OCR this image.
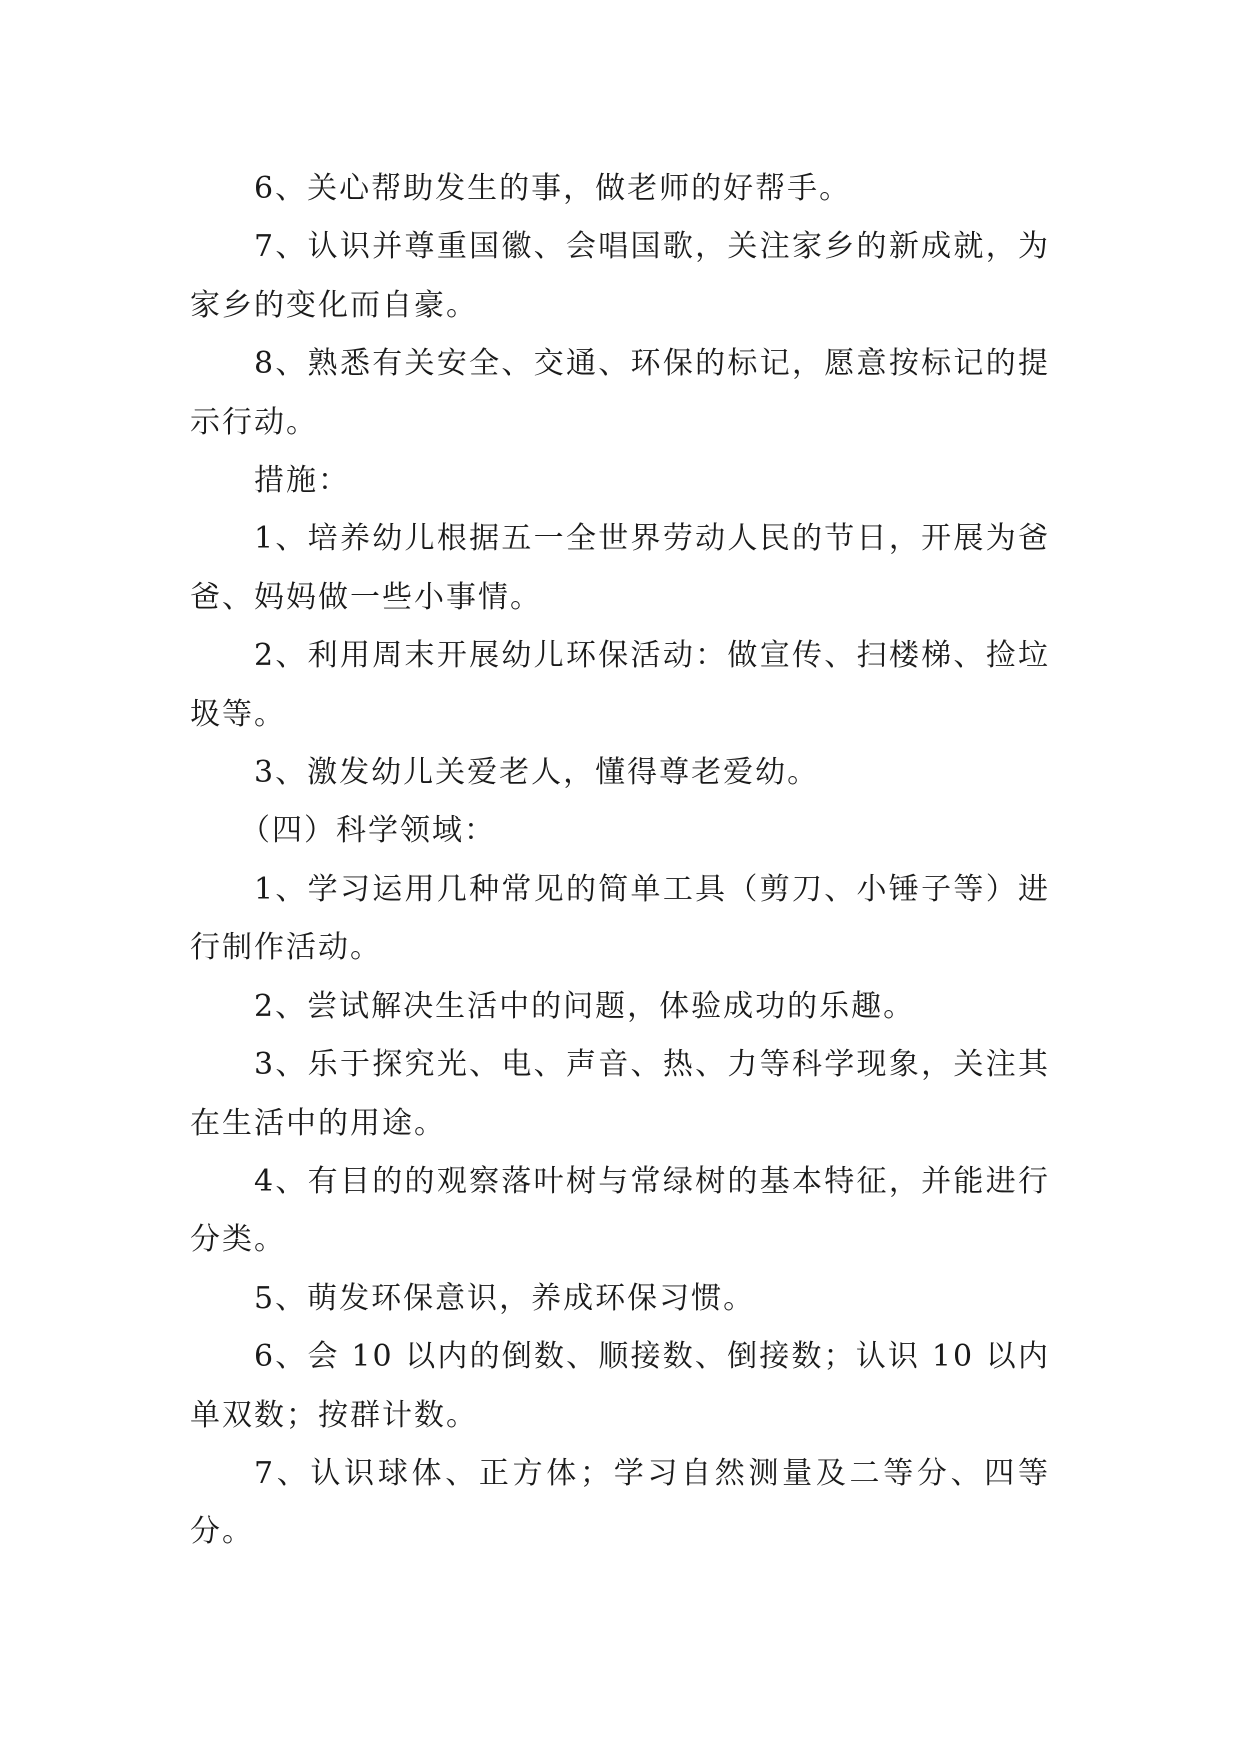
6、关心帮助发生的事，做老师的好帮手。

7、认识并尊重国徽、会唱国歌，关注家乡的新成就，为家乡的变化而自豪。

8、熟悉有关安全、交通、环保的标记，愿意按标记的提示行动。

措施：

1、培养幼儿根据五一全世界劳动人民的节日，开展为爸爸、妈妈做一些小事情。

2、利用周末开展幼儿环保活动：做宣传、扫楼梯、捡垃圾等。

3、激发幼儿关爱老人，懂得尊老爱幼。

（四）科学领域：

1、学习运用几种常见的简单工具（剪刀、小锤子等）进行制作活动。

2、尝试解决生活中的问题，体验成功的乐趣。

3、乐于探究光、电、声音、热、力等科学现象，关注其在生活中的用途。

4、有目的的观察落叶树与常绿树的基本特征，并能进行分类。

5、萌发环保意识，养成环保习惯。

6、会 10 以内的倒数、顺接数、倒接数；认识 10 以内单双数；按群计数。

7、认识球体、正方体；学习自然测量及二等分、四等分。
